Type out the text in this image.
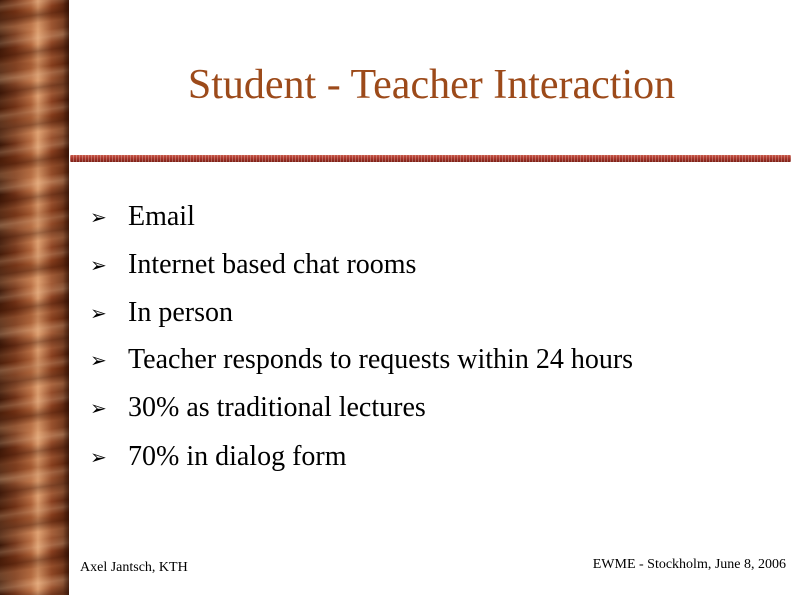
Student - Teacher Interaction
➢ Email
➢ Internet based chat rooms
➢ In person
➢ Teacher responds to requests within 24 hours
➢ 30% as traditional lectures
➢ 70% in dialog form
Axel Jantsch, KTH	EWME - Stockholm, June 8, 2006
